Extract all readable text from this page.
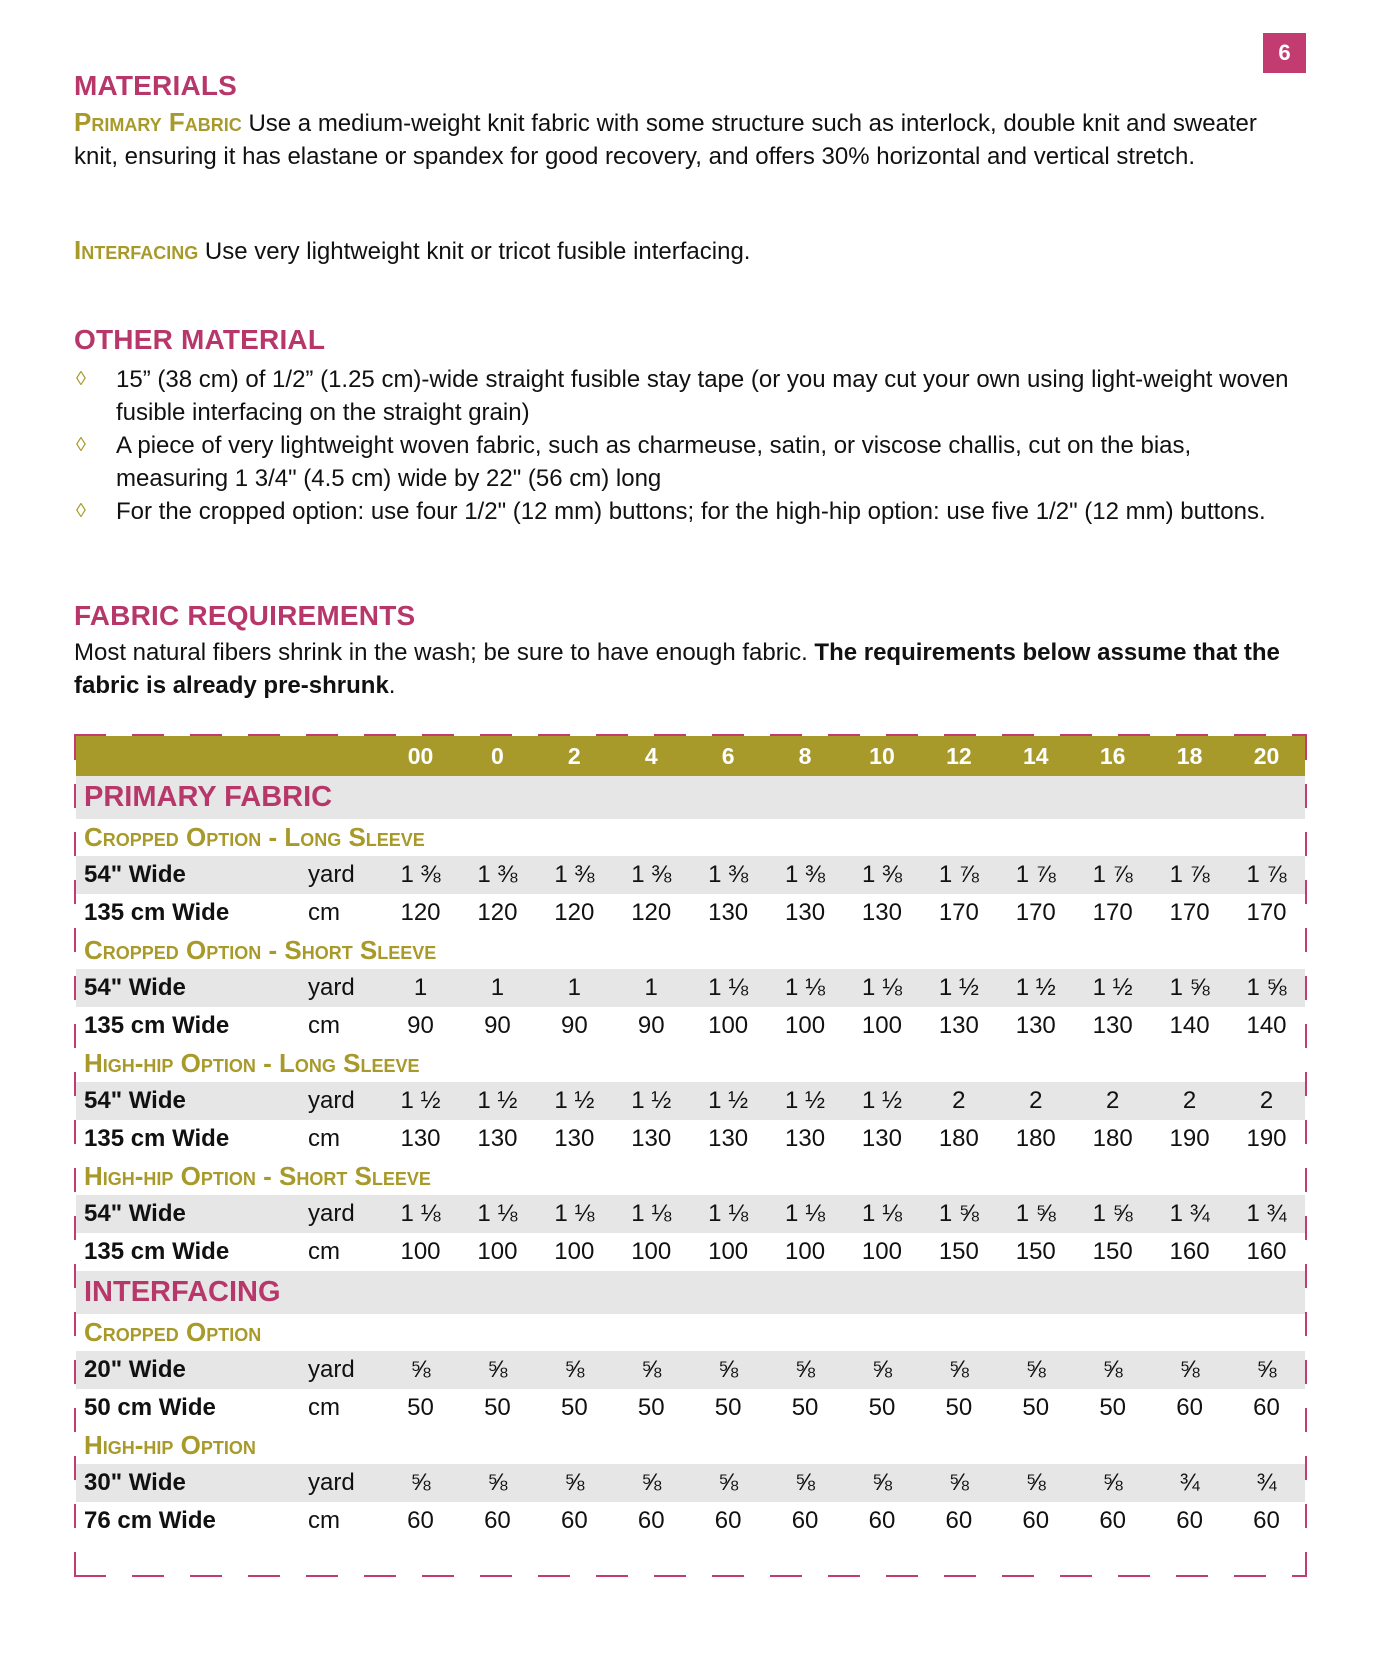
6
MATERIALS
Primary Fabric Use a medium-weight knit fabric with some structure such as interlock, double knit and sweater knit, ensuring it has elastane or spandex for good recovery, and offers 30% horizontal and vertical stretch.
Interfacing Use very lightweight knit or tricot fusible interfacing.
OTHER MATERIAL
◊ 15” (38 cm) of 1/2” (1.25 cm)-wide straight fusible stay tape (or you may cut your own using light-weight woven fusible interfacing on the straight grain)
◊ A piece of very lightweight woven fabric, such as charmeuse, satin, or viscose challis, cut on the bias, measuring 1 3/4" (4.5 cm) wide by 22" (56 cm) long
◊ For the cropped option: use four 1/2" (12 mm) buttons; for the high-hip option: use five 1/2" (12 mm) buttons.
FABRIC REQUIREMENTS
Most natural fibers shrink in the wash; be sure to have enough fabric. The requirements below assume that the fabric is already pre-shrunk.
		00	0	2	4	6	8	10	12	14	16	18	20
PRIMARY FABRIC													
Cropped Option - Long Sleeve													
54" Wide	yard	1 ⅜	1 ⅜	1 ⅜	1 ⅜	1 ⅜	1 ⅜	1 ⅜	1 ⅞	1 ⅞	1 ⅞	1 ⅞	1 ⅞
135 cm Wide	cm	120	120	120	120	130	130	130	170	170	170	170	170
Cropped Option - Short Sleeve													
54" Wide	yard	1	1	1	1	1 ⅛	1 ⅛	1 ⅛	1 ½	1 ½	1 ½	1 ⅝	1 ⅝
135 cm Wide	cm	90	90	90	90	100	100	100	130	130	130	140	140
High-hip Option - Long Sleeve													
54" Wide	yard	1 ½	1 ½	1 ½	1 ½	1 ½	1 ½	1 ½	2	2	2	2	2
135 cm Wide	cm	130	130	130	130	130	130	130	180	180	180	190	190
High-hip Option - Short Sleeve													
54" Wide	yard	1 ⅛	1 ⅛	1 ⅛	1 ⅛	1 ⅛	1 ⅛	1 ⅛	1 ⅝	1 ⅝	1 ⅝	1 ¾	1 ¾
135 cm Wide	cm	100	100	100	100	100	100	100	150	150	150	160	160
INTERFACING													
Cropped Option													
20" Wide	yard	⅝	⅝	⅝	⅝	⅝	⅝	⅝	⅝	⅝	⅝	⅝	⅝
50 cm Wide	cm	50	50	50	50	50	50	50	50	50	50	60	60
High-hip Option													
30" Wide	yard	⅝	⅝	⅝	⅝	⅝	⅝	⅝	⅝	⅝	⅝	¾	¾
76 cm Wide	cm	60	60	60	60	60	60	60	60	60	60	60	60
